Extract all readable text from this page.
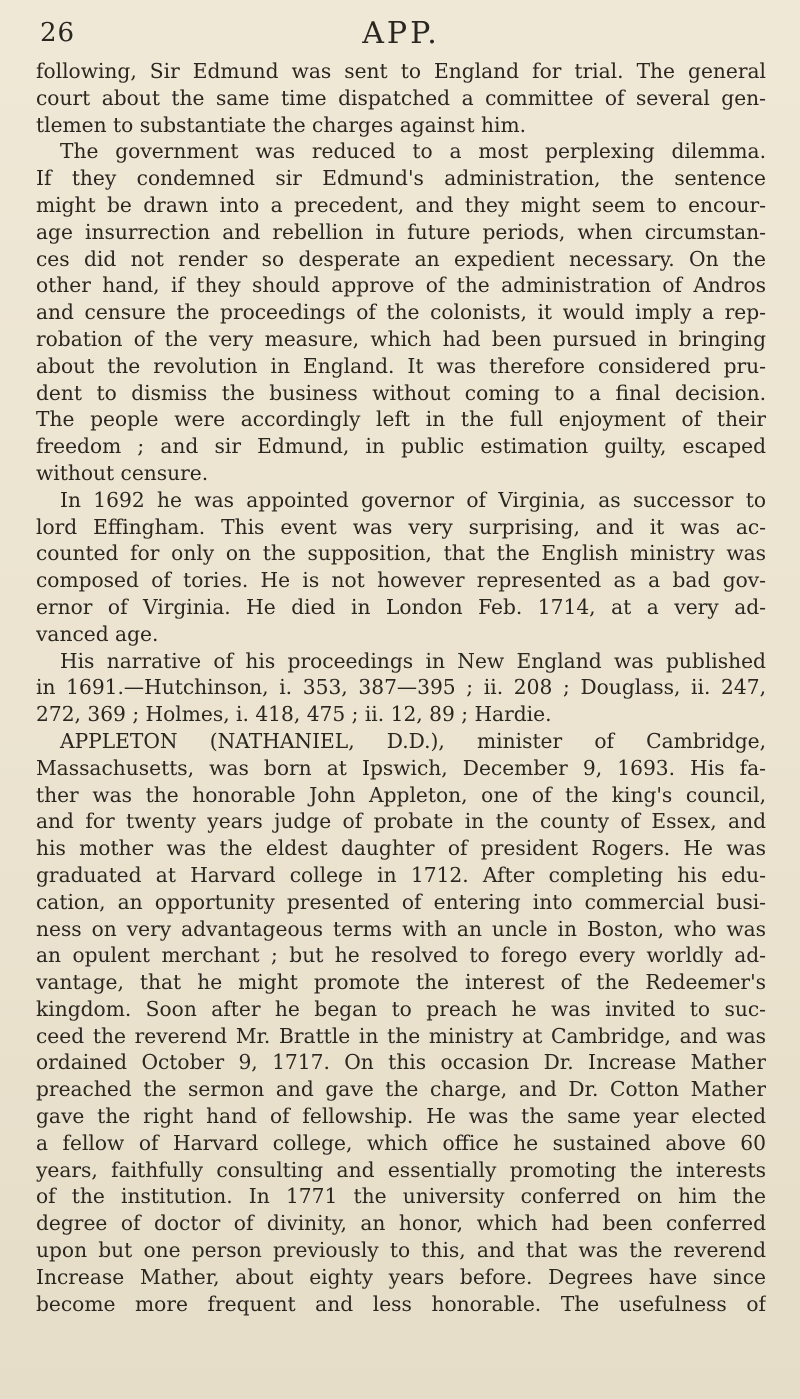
26	APP.
following, Sir Edmund was sent to England for trial. The general
court about the same time dispatched a committee of several gen-
tlemen to substantiate the charges against him.
The government was reduced to a most perplexing dilemma.
If they condemned sir Edmund's administration, the sentence
might be drawn into a precedent, and they might seem to encour-
age insurrection and rebellion in future periods, when circumstan-
ces did not render so desperate an expedient necessary. On the
other hand, if they should approve of the administration of Andros
and censure the proceedings of the colonists, it would imply a rep-
robation of the very measure, which had been pursued in bringing
about the revolution in England. It was therefore considered pru-
dent to dismiss the business without coming to a final decision.
The people were accordingly left in the full enjoyment of their
freedom ; and sir Edmund, in public estimation guilty, escaped
without censure.
In 1692 he was appointed governor of Virginia, as successor to
lord Effingham. This event was very surprising, and it was ac-
counted for only on the supposition, that the English ministry was
composed of tories. He is not however represented as a bad gov-
ernor of Virginia. He died in London Feb. 1714, at a very ad-
vanced age.
His narrative of his proceedings in New England was published
in 1691.—Hutchinson, i. 353, 387—395 ; ii. 208 ; Douglass, ii. 247,
272, 369 ; Holmes, i. 418, 475 ; ii. 12, 89 ; Hardie.
APPLETON (NATHANIEL, D.D.), minister of Cambridge,
Massachusetts, was born at Ipswich, December 9, 1693. His fa-
ther was the honorable John Appleton, one of the king's council,
and for twenty years judge of probate in the county of Essex, and
his mother was the eldest daughter of president Rogers. He was
graduated at Harvard college in 1712. After completing his edu-
cation, an opportunity presented of entering into commercial busi-
ness on very advantageous terms with an uncle in Boston, who was
an opulent merchant ; but he resolved to forego every worldly ad-
vantage, that he might promote the interest of the Redeemer's
kingdom. Soon after he began to preach he was invited to suc-
ceed the reverend Mr. Brattle in the ministry at Cambridge, and was
ordained October 9, 1717. On this occasion Dr. Increase Mather
preached the sermon and gave the charge, and Dr. Cotton Mather
gave the right hand of fellowship. He was the same year elected
a fellow of Harvard college, which office he sustained above 60
years, faithfully consulting and essentially promoting the interests
of the institution. In 1771 the university conferred on him the
degree of doctor of divinity, an honor, which had been conferred
upon but one person previously to this, and that was the reverend
Increase Mather, about eighty years before. Degrees have since
become more frequent and less honorable. The usefulness of
